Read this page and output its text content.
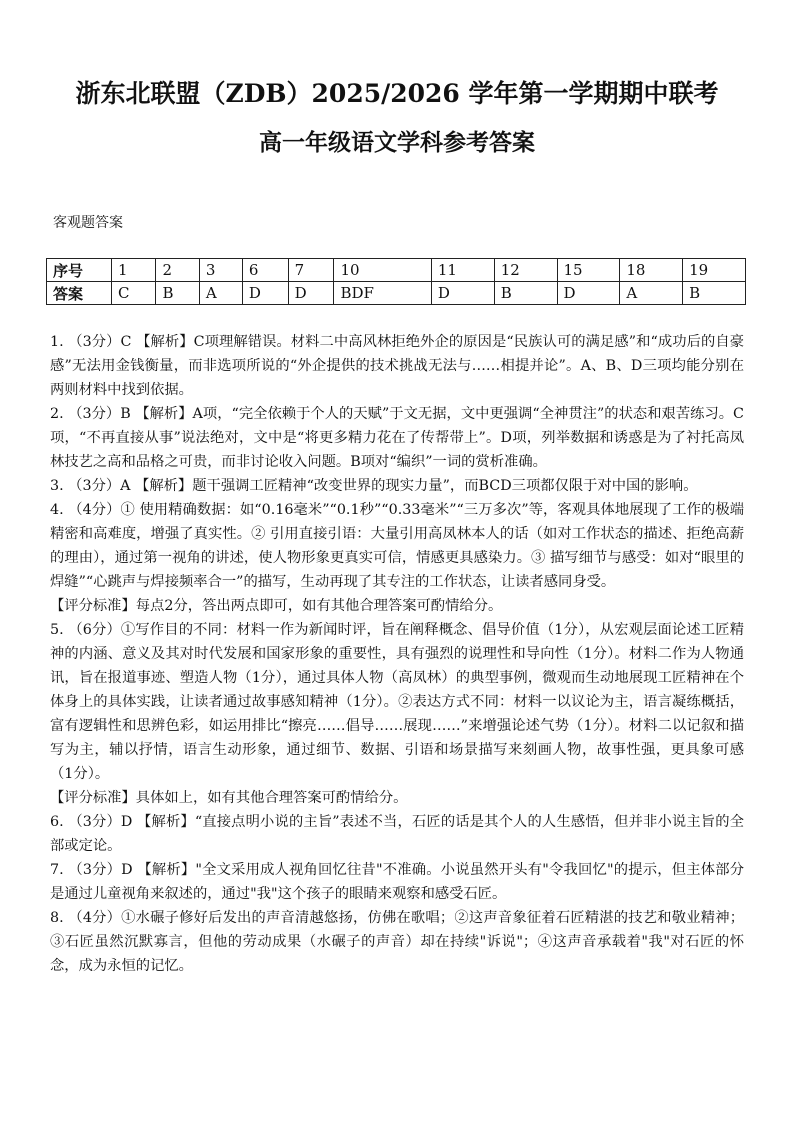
浙东北联盟（ZDB）2025/2026 学年第一学期期中联考
高一年级语文学科参考答案

客观题答案

序号	1	2	3	6	7	10	11	12	15	18	19
答案	C	B	A	D	D	BDF	D	B	D	A	B

1. （3分）C 【解析】C项理解错误。材料二中高风林拒绝外企的原因是“民族认可的满足感”和“成功后的自豪感”无法用金钱衡量，而非选项所说的“外企提供的技术挑战无法与……相提并论”。A、B、D三项均能分别在两则材料中找到依据。

2. （3分）B 【解析】A项，“完全依赖于个人的天赋”于文无据，文中更强调“全神贯注”的状态和艰苦练习。C项，“不再直接从事”说法绝对，文中是“将更多精力花在了传帮带上”。D项，列举数据和诱惑是为了衬托高凤林技艺之高和品格之可贵，而非讨论收入问题。B项对“编织”一词的赏析准确。

3. （3分）A 【解析】题干强调工匠精神“改变世界的现实力量”，而BCD三项都仅限于对中国的影响。

4. （4分）① 使用精确数据：如“0.16毫米”“0.1秒”“0.33毫米”“三万多次”等，客观具体地展现了工作的极端精密和高难度，增强了真实性。② 引用直接引语：大量引用高凤林本人的话（如对工作状态的描述、拒绝高薪的理由），通过第一视角的讲述，使人物形象更真实可信，情感更具感染力。③ 描写细节与感受：如对“眼里的焊缝”“心跳声与焊接频率合一”的描写，生动再现了其专注的工作状态，让读者感同身受。

【评分标准】每点2分，答出两点即可，如有其他合理答案可酌情给分。

5. （6分）①写作目的不同：材料一作为新闻时评，旨在阐释概念、倡导价值（1分），从宏观层面论述工匠精神的内涵、意义及其对时代发展和国家形象的重要性，具有强烈的说理性和导向性（1分）。材料二作为人物通讯，旨在报道事迹、塑造人物（1分），通过具体人物（高凤林）的典型事例，微观而生动地展现工匠精神在个体身上的具体实践，让读者通过故事感知精神（1分）。②表达方式不同：材料一以议论为主，语言凝练概括，富有逻辑性和思辨色彩，如运用排比“擦亮……倡导……展现……”来增强论述气势（1分）。材料二以记叙和描写为主，辅以抒情，语言生动形象，通过细节、数据、引语和场景描写来刻画人物，故事性强，更具象可感（1分）。

【评分标准】具体如上，如有其他合理答案可酌情给分。

6. （3分）D 【解析】“直接点明小说的主旨”表述不当，石匠的话是其个人的人生感悟，但并非小说主旨的全部或定论。

7. （3分）D 【解析】"全文采用成人视角回忆往昔"不准确。小说虽然开头有"令我回忆"的提示，但主体部分是通过儿童视角来叙述的，通过"我"这个孩子的眼睛来观察和感受石匠。

8. （4分）①水碾子修好后发出的声音清越悠扬，仿佛在歌唱；②这声音象征着石匠精湛的技艺和敬业精神；③石匠虽然沉默寡言，但他的劳动成果（水碾子的声音）却在持续"诉说"；④这声音承载着"我"对石匠的怀念，成为永恒的记忆。
